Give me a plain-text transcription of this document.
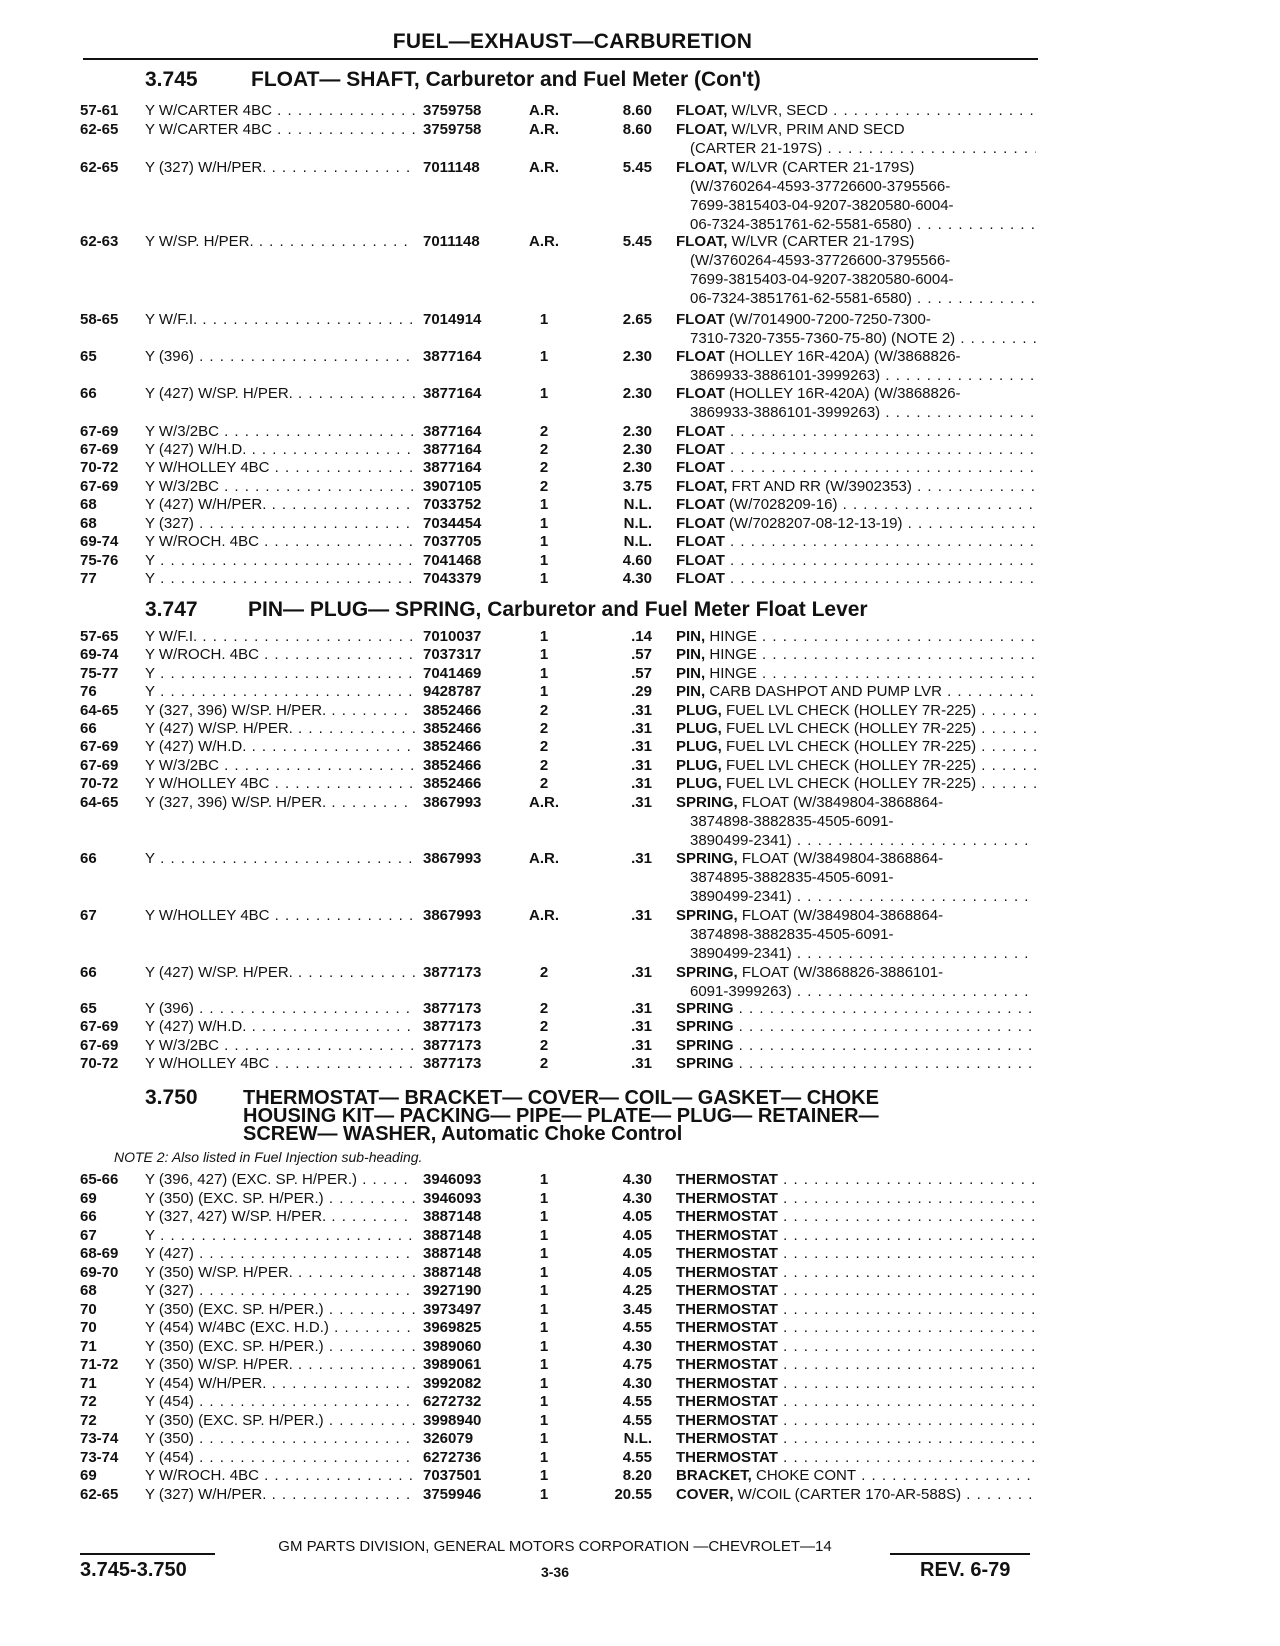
FUEL—EXHAUST—CARBURETION
3.745	FLOAT— SHAFT, Carburetor and Fuel Meter (Con't)
3.747 PIN— PLUG— SPRING, Carburetor and Fuel Meter Float Lever
3.750 THERMOSTAT— BRACKET— COVER— COIL— GASKET— CHOKE
HOUSING KIT— PACKING— PIPE— PLATE— PLUG— RETAINER—
SCREW— WASHER, Automatic Choke Control
NOTE 2: Also listed in Fuel Injection sub-heading.
57-61 Y W/CARTER 4BC . . .	3759758	A.R.	8.60 FLOAT, W/LVR, SECD . . .
62-65 Y W/CARTER 4BC . . .	3759758	A.R.	8.60 FLOAT, W/LVR, PRIM AND SECD
(CARTER 21-197S) . . .
62-65 Y (327) W/H/PER. . . .	7011148	A.R.	5.45 FLOAT, W/LVR (CARTER 21-179S)
(W/3760264-4593-37726600-3795566-
7699-3815403-04-9207-3820580-6004-
06-7324-3851761-62-5581-6580) . . .
62-63 Y W/SP. H/PER. . . .	7011148	A.R.	5.45 FLOAT, W/LVR (CARTER 21-179S)
(W/3760264-4593-37726600-3795566-
7699-3815403-04-9207-3820580-6004-
06-7324-3851761-62-5581-6580) . . .
58-65 Y W/F.I. . . .	7014914	1	2.65 FLOAT (W/7014900-7200-7250-7300-
7310-7320-7355-7360-75-80) (NOTE 2) . . .
65	Y (396) . . .	3877164	1	2.30 FLOAT (HOLLEY 16R-420A) (W/3868826-
3869933-3886101-3999263) . . .
66	Y (427) W/SP. H/PER. . . .	3877164	1	2.30 FLOAT (HOLLEY 16R-420A) (W/3868826-
3869933-3886101-3999263) . . .
67-69 Y W/3/2BC . . .	3877164	2	2.30 FLOAT . . .
67-69 Y (427) W/H.D. . . .	3877164	2	2.30 FLOAT . . .
70-72 Y W/HOLLEY 4BC . . .	3877164	2	2.30 FLOAT . . .
67-69 Y W/3/2BC . . .	3907105	2	3.75 FLOAT, FRT AND RR (W/3902353) . . .
68	Y (427) W/H/PER. . . .	7033752	1	N.L. FLOAT (W/7028209-16) . . .
68	Y (327) . . .	7034454	1	N.L. FLOAT (W/7028207-08-12-13-19) . . .
69-74 Y W/ROCH. 4BC . . .	7037705	1	N.L. FLOAT . . .
75-76 Y . . .	7041468	1	4.60 FLOAT . . .
77	Y . . .	7043379	1	4.30 FLOAT . . .
57-65 Y W/F.I. . . .	7010037	1	.14 PIN, HINGE . . .
69-74 Y W/ROCH. 4BC . . .	7037317	1	.57 PIN, HINGE . . .
75-77 Y . . .	7041469	1	.57 PIN, HINGE . . .
76	Y . . .	9428787	1	.29 PIN, CARB DASHPOT AND PUMP LVR . . .
64-65 Y (327, 396) W/SP. H/PER. . . .	3852466	2	.31 PLUG, FUEL LVL CHECK (HOLLEY 7R-225) . . .
66	Y (427) W/SP. H/PER. . . .	3852466	2	.31 PLUG, FUEL LVL CHECK (HOLLEY 7R-225) . . .
67-69 Y (427) W/H.D. . . .	3852466	2	.31 PLUG, FUEL LVL CHECK (HOLLEY 7R-225) . . .
67-69 Y W/3/2BC . . .	3852466	2	.31 PLUG, FUEL LVL CHECK (HOLLEY 7R-225) . . .
70-72 Y W/HOLLEY 4BC . . .	3852466	2	.31 PLUG, FUEL LVL CHECK (HOLLEY 7R-225) . . .
64-65 Y (327, 396) W/SP. H/PER. . . .	3867993	A.R.	.31 SPRING, FLOAT (W/3849804-3868864-
3874898-3882835-4505-6091-
3890499-2341) . . .
66	Y . . .	3867993	A.R.	.31 SPRING, FLOAT (W/3849804-3868864-
3874895-3882835-4505-6091-
3890499-2341) . . .
67	Y W/HOLLEY 4BC . . .	3867993	A.R.	.31 SPRING, FLOAT (W/3849804-3868864-
3874898-3882835-4505-6091-
3890499-2341) . . .
66	Y (427) W/SP. H/PER. . . .	3877173	2	.31 SPRING, FLOAT (W/3868826-3886101-
6091-3999263) . . .
65	Y (396) . . .	3877173	2	.31 SPRING . . .
67-69 Y (427) W/H.D. . . .	3877173	2	.31 SPRING . . .
67-69 Y W/3/2BC . . .	3877173	2	.31 SPRING . . .
70-72 Y W/HOLLEY 4BC . . .	3877173	2	.31 SPRING . . .
65-66 Y (396, 427) (EXC. SP. H/PER.) . . .	3946093	1	4.30 THERMOSTAT . . .
69	Y (350) (EXC. SP. H/PER.) . . .	3946093	1	4.30 THERMOSTAT . . .
66	Y (327, 427) W/SP. H/PER. . . .	3887148	1	4.05 THERMOSTAT . . .
67	Y . . .	3887148	1	4.05 THERMOSTAT . . .
68-69 Y (427) . . .	3887148	1	4.05 THERMOSTAT . . .
69-70 Y (350) W/SP. H/PER. . . .	3887148	1	4.05 THERMOSTAT . . .
68	Y (327) . . .	3927190	1	4.25 THERMOSTAT . . .
70	Y (350) (EXC. SP. H/PER.) . . .	3973497	1	3.45 THERMOSTAT . . .
70	Y (454) W/4BC (EXC. H.D.) . . .	3969825	1	4.55 THERMOSTAT . . .
71	Y (350) (EXC. SP. H/PER.) . . .	3989060	1	4.30 THERMOSTAT . . .
71-72 Y (350) W/SP. H/PER. . . .	3989061	1	4.75 THERMOSTAT . . .
71	Y (454) W/H/PER. . . .	3992082	1	4.30 THERMOSTAT . . .
72	Y (454) . . .	6272732	1	4.55 THERMOSTAT . . .
72	Y (350) (EXC. SP. H/PER.) . . .	3998940	1	4.55 THERMOSTAT . . .
73-74 Y (350) . . .	326079	1	N.L. THERMOSTAT . . .
73-74 Y (454) . . .	6272736	1	4.55 THERMOSTAT . . .
69	Y W/ROCH. 4BC . . .	7037501	1	8.20 BRACKET, CHOKE CONT . . .
62-65 Y (327) W/H/PER. . . .	3759946	1	20.55 COVER, W/COIL (CARTER 170-AR-588S) . . .
GM PARTS DIVISION, GENERAL MOTORS CORPORATION —CHEVROLET—14
3.745-3.750	3-36	REV. 6-79
